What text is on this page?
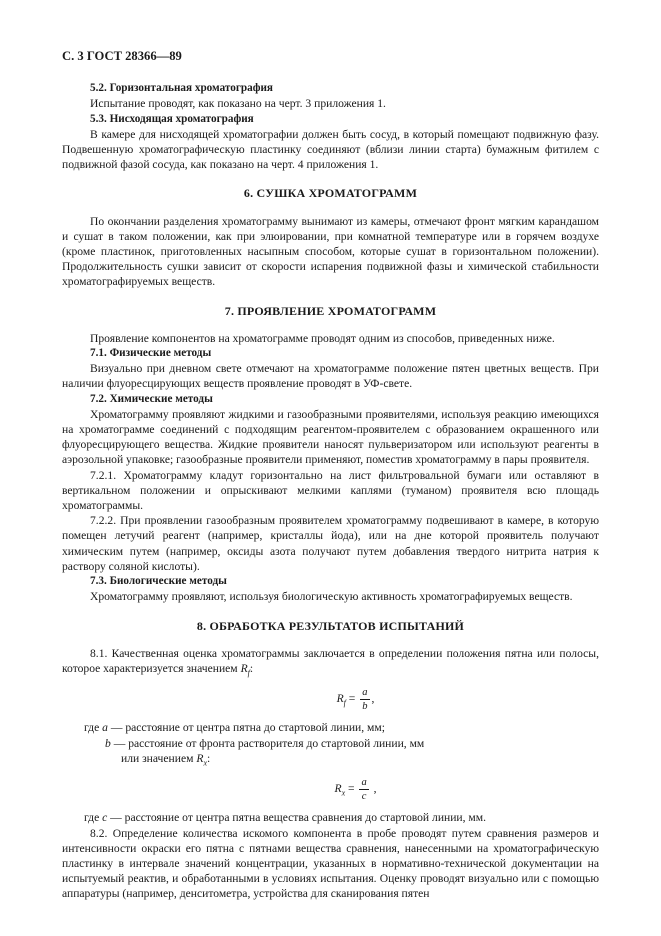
С. 3 ГОСТ 28366—89
5.2. Горизонтальная хроматография

Испытание проводят, как показано на черт. 3 приложения 1.

5.3. Нисходящая хроматография

В камере для нисходящей хроматографии должен быть сосуд, в который помещают подвижную фазу. Подвешенную хроматографическую пластинку соединяют (вблизи линии старта) бумажным фитилем с подвижной фазой сосуда, как показано на черт. 4 приложения 1.

6. СУШКА ХРОМАТОГРАММ

По окончании разделения хроматограмму вынимают из камеры, отмечают фронт мягким карандашом и сушат в таком положении, как при элюировании, при комнатной температуре или в горячем воздухе (кроме пластинок, приготовленных насыпным способом, которые сушат в горизонтальном положении). Продолжительность сушки зависит от скорости испарения подвижной фазы и химической стабильности хроматографируемых веществ.

7. ПРОЯВЛЕНИЕ ХРОМАТОГРАММ

Проявление компонентов на хроматограмме проводят одним из способов, приведенных ниже.

7.1. Физические методы

Визуально при дневном свете отмечают на хроматограмме положение пятен цветных веществ. При наличии флуоресцирующих веществ проявление проводят в УФ-свете.

7.2. Химические методы

Хроматограмму проявляют жидкими и газообразными проявителями, используя реакцию имеющихся на хроматограмме соединений с подходящим реагентом-проявителем с образованием окрашенного или флуоресцирующего вещества. Жидкие проявители наносят пульверизатором или используют реагенты в аэрозольной упаковке; газообразные проявители применяют, поместив хроматограмму в пары проявителя.

7.2.1. Хроматограмму кладут горизонтально на лист фильтровальной бумаги или оставляют в вертикальном положении и опрыскивают мелкими каплями (туманом) проявителя всю площадь хроматограммы.

7.2.2. При проявлении газообразным проявителем хроматограмму подвешивают в камере, в которую помещен летучий реагент (например, кристаллы йода), или на дне которой проявитель получают химическим путем (например, оксиды азота получают путем добавления твердого нитрита натрия к раствору соляной кислоты).

7.3. Биологические методы

Хроматограмму проявляют, используя биологическую активность хроматографируемых веществ.

8. ОБРАБОТКА РЕЗУЛЬТАТОВ ИСПЫТАНИЙ

8.1. Качественная оценка хроматограммы заключается в определении положения пятна или полосы, которое характеризуется значением $R_f$:

$R_f = \frac{a}{b}$ ,
где a — расстояние от центра пятна до стартовой линии, мм;
b — расстояние от фронта растворителя до стартовой линии, мм
или значением $R_x$:
$R_x = \frac{a}{c}$ ,
где c — расстояние от центра пятна вещества сравнения до стартовой линии, мм.

8.2. Определение количества искомого компонента в пробе проводят путем сравнения размеров и интенсивности окраски его пятна с пятнами вещества сравнения, нанесенными на хроматографическую пластинку в интервале значений концентрации, указанных в нормативно-технической документации на испытуемый реактив, и обработанными в условиях испытания. Оценку проводят визуально или с помощью аппаратуры (например, денситометра, устройства для сканирования пятен
